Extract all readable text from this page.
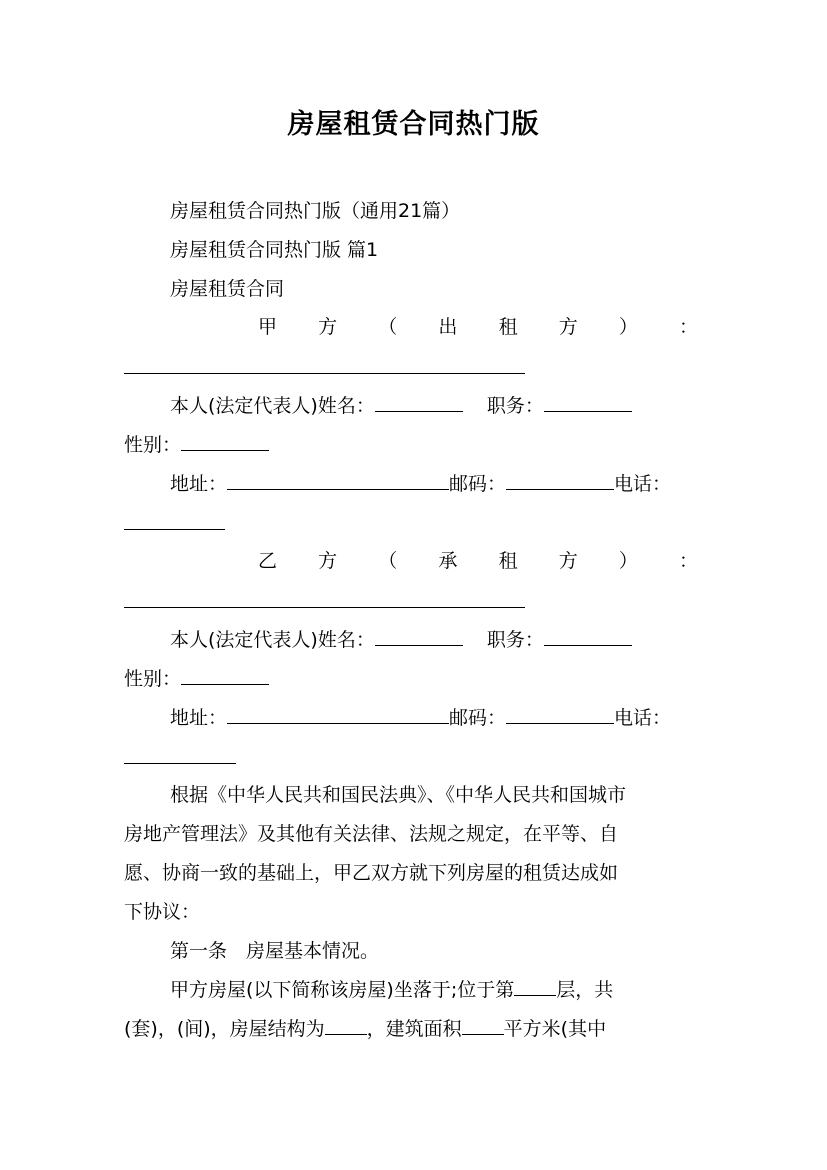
房屋租赁合同热门版
房屋租赁合同热门版（通用21篇）
房屋租赁合同热门版 篇1
房屋租赁合同
甲 方 （ 出 租 方 ） ：
本人(法定代表人)姓名：	职务：
性别：
地址：	邮码：	电话：
乙 方 （ 承 租 方 ） ：
本人(法定代表人)姓名：	职务：
性别：
地址：	邮码：	电话：
根据《中华人民共和国民法典》、《中华人民共和国城市
房地产管理法》及其他有关法律、法规之规定，在平等、自
愿、协商一致的基础上，甲乙双方就下列房屋的租赁达成如
下协议：
第一条　房屋基本情况。
甲方房屋(以下简称该房屋)坐落于;位于第 层，共
(套)，(间)，房屋结构为 ，建筑面积 平方米(其中
